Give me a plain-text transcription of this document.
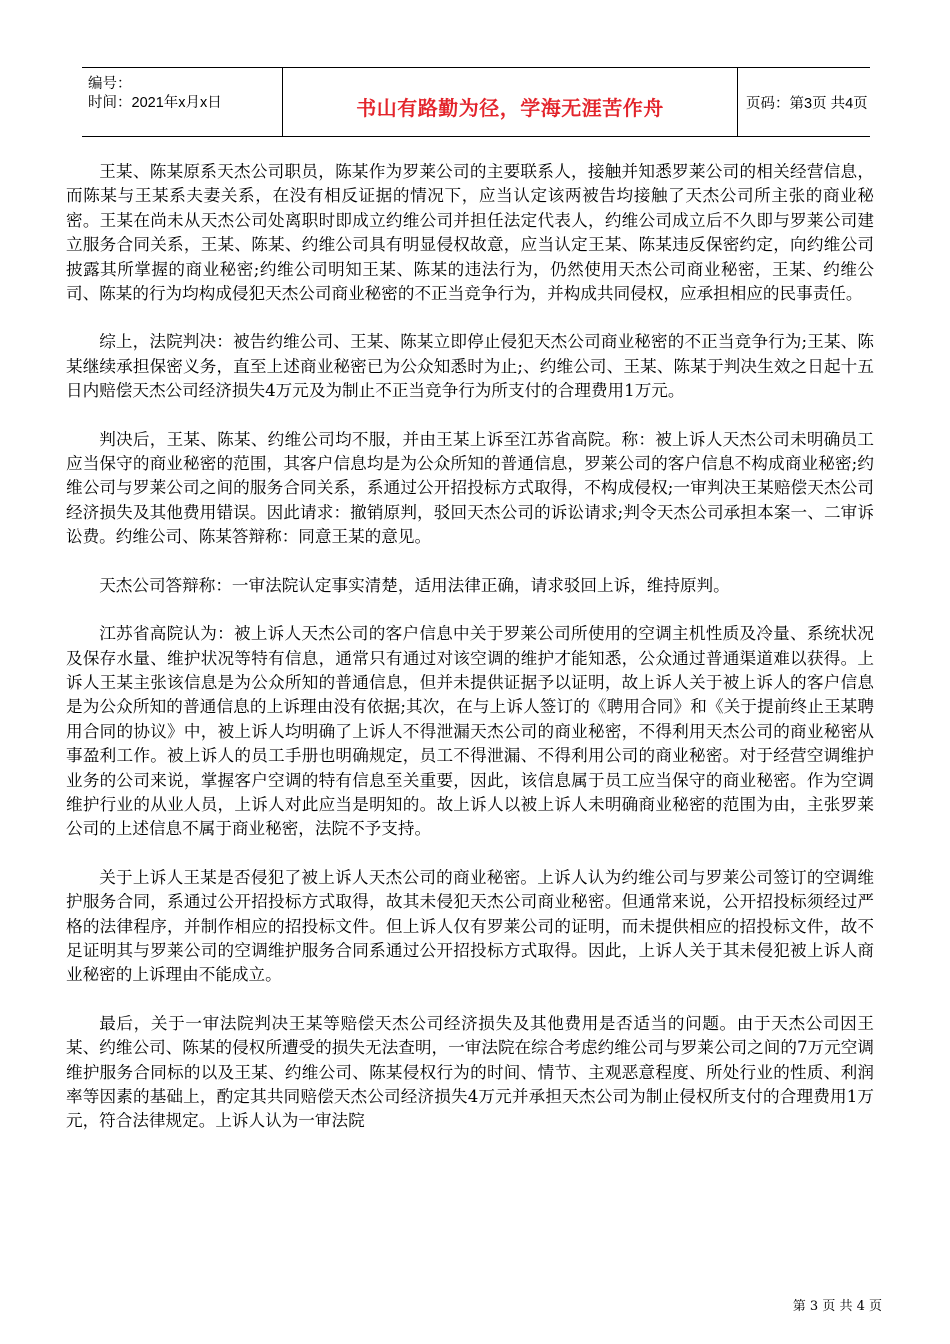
编号：
时间：2021年x月x日	书山有路勤为径，学海无涯苦作舟	页码：第3页 共4页

王某、陈某原系天杰公司职员，陈某作为罗莱公司的主要联系人，接触并知悉罗莱公司的相关经营信息，而陈某与王某系夫妻关系，在没有相反证据的情况下，应当认定该两被告均接触了天杰公司所主张的商业秘密。王某在尚未从天杰公司处离职时即成立约维公司并担任法定代表人，约维公司成立后不久即与罗莱公司建立服务合同关系，王某、陈某、约维公司具有明显侵权故意，应当认定王某、陈某违反保密约定，向约维公司披露其所掌握的商业秘密;约维公司明知王某、陈某的违法行为，仍然使用天杰公司商业秘密，王某、约维公司、陈某的行为均构成侵犯天杰公司商业秘密的不正当竞争行为，并构成共同侵权，应承担相应的民事责任。

综上，法院判决：被告约维公司、王某、陈某立即停止侵犯天杰公司商业秘密的不正当竞争行为;王某、陈某继续承担保密义务，直至上述商业秘密已为公众知悉时为止;、约维公司、王某、陈某于判决生效之日起十五日内赔偿天杰公司经济损失4万元及为制止不正当竞争行为所支付的合理费用1万元。

判决后，王某、陈某、约维公司均不服，并由王某上诉至江苏省高院。称：被上诉人天杰公司未明确员工应当保守的商业秘密的范围，其客户信息均是为公众所知的普通信息，罗莱公司的客户信息不构成商业秘密;约维公司与罗莱公司之间的服务合同关系，系通过公开招投标方式取得，不构成侵权;一审判决王某赔偿天杰公司经济损失及其他费用错误。因此请求：撤销原判，驳回天杰公司的诉讼请求;判令天杰公司承担本案一、二审诉讼费。约维公司、陈某答辩称：同意王某的意见。

天杰公司答辩称：一审法院认定事实清楚，适用法律正确，请求驳回上诉，维持原判。

江苏省高院认为：被上诉人天杰公司的客户信息中关于罗莱公司所使用的空调主机性质及冷量、系统状况及保存水量、维护状况等特有信息，通常只有通过对该空调的维护才能知悉，公众通过普通渠道难以获得。上诉人王某主张该信息是为公众所知的普通信息，但并未提供证据予以证明，故上诉人关于被上诉人的客户信息是为公众所知的普通信息的上诉理由没有依据;其次，在与上诉人签订的《聘用合同》和《关于提前终止王某聘用合同的协议》中，被上诉人均明确了上诉人不得泄漏天杰公司的商业秘密，不得利用天杰公司的商业秘密从事盈利工作。被上诉人的员工手册也明确规定，员工不得泄漏、不得利用公司的商业秘密。对于经营空调维护业务的公司来说，掌握客户空调的特有信息至关重要，因此，该信息属于员工应当保守的商业秘密。作为空调维护行业的从业人员，上诉人对此应当是明知的。故上诉人以被上诉人未明确商业秘密的范围为由，主张罗莱公司的上述信息不属于商业秘密，法院不予支持。

关于上诉人王某是否侵犯了被上诉人天杰公司的商业秘密。上诉人认为约维公司与罗莱公司签订的空调维护服务合同，系通过公开招投标方式取得，故其未侵犯天杰公司商业秘密。但通常来说，公开招投标须经过严格的法律程序，并制作相应的招投标文件。但上诉人仅有罗莱公司的证明，而未提供相应的招投标文件，故不足证明其与罗莱公司的空调维护服务合同系通过公开招投标方式取得。因此，上诉人关于其未侵犯被上诉人商业秘密的上诉理由不能成立。

最后，关于一审法院判决王某等赔偿天杰公司经济损失及其他费用是否适当的问题。由于天杰公司因王某、约维公司、陈某的侵权所遭受的损失无法查明，一审法院在综合考虑约维公司与罗莱公司之间的7万元空调维护服务合同标的以及王某、约维公司、陈某侵权行为的时间、情节、主观恶意程度、所处行业的性质、利润率等因素的基础上，酌定其共同赔偿天杰公司经济损失4万元并承担天杰公司为制止侵权所支付的合理费用1万元，符合法律规定。上诉人认为一审法院

第 3 页 共 4 页
